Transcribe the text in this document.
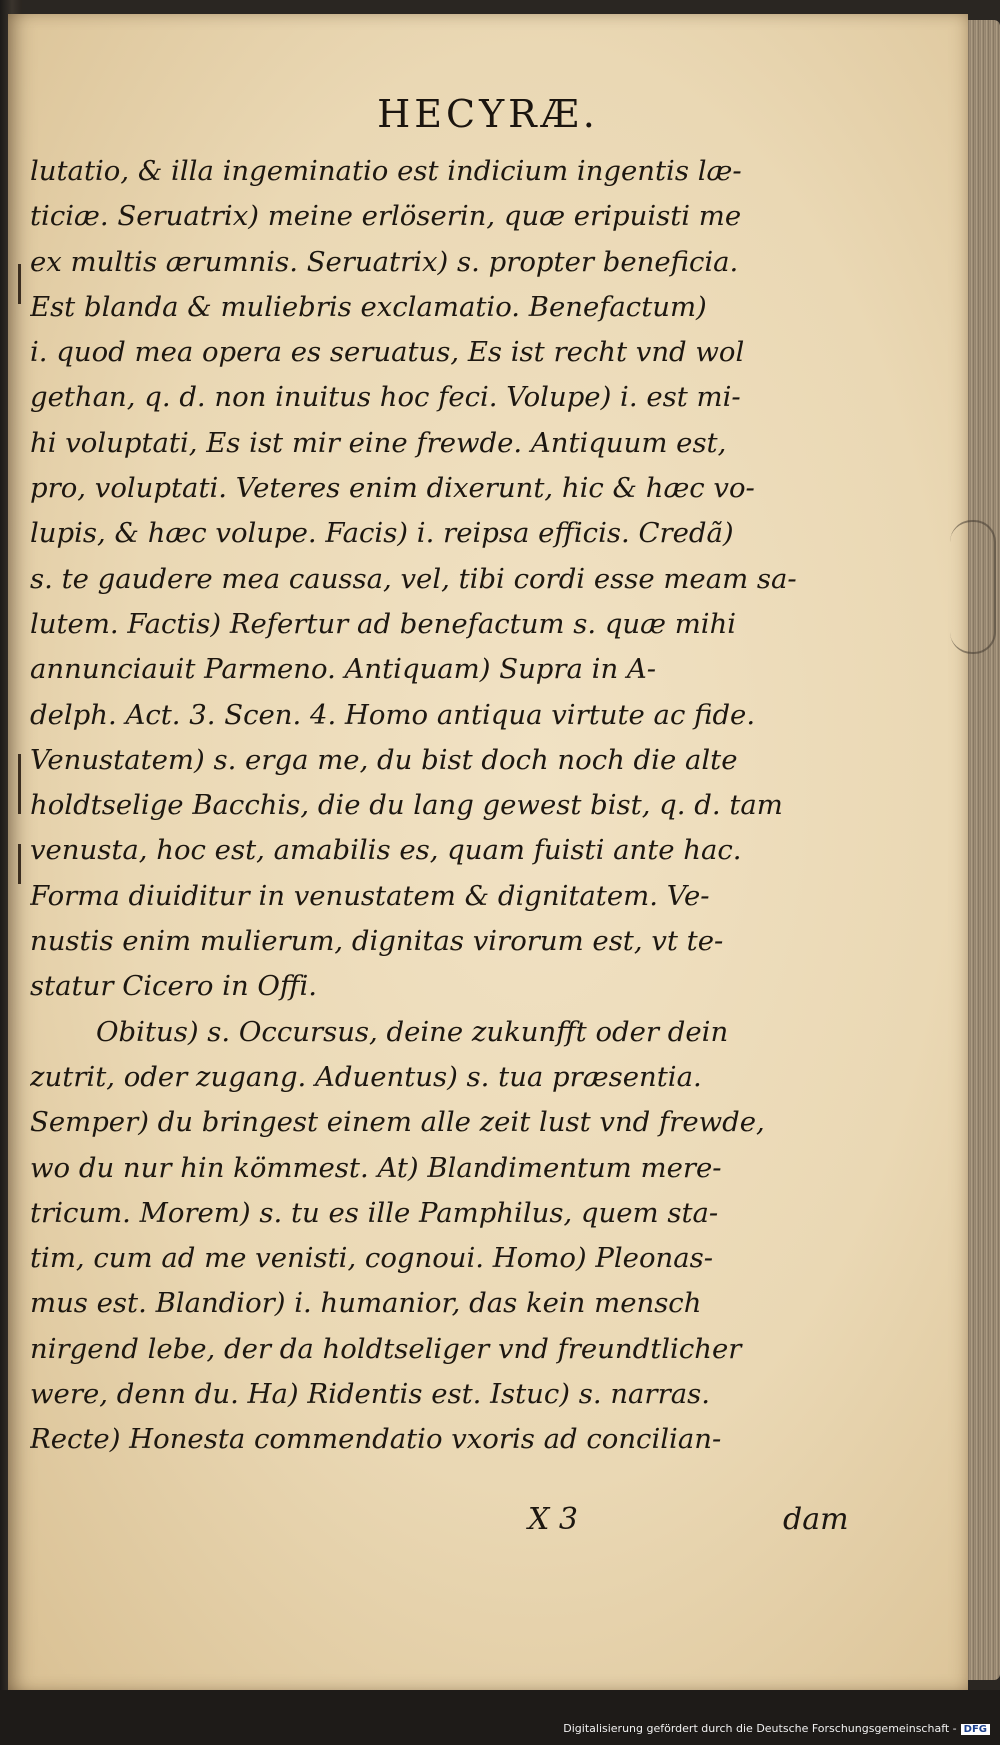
HECYRÆ.
lutatio, & illa ingeminatio est indicium ingentis læ-
ticiæ. Seruatrix) meine erlöserin, quæ eripuisti me
ex multis ærumnis. Seruatrix) s. propter beneficia.
Est blanda & muliebris exclamatio. Benefactum)
i. quod mea opera es seruatus, Es ist recht vnd wol
gethan, q. d. non inuitus hoc feci. Volupe) i. est mi-
hi voluptati, Es ist mir eine frewde. Antiquum est,
pro, voluptati. Veteres enim dixerunt, hic & hæc vo-
lupis, & hæc volupe. Facis) i. reipsa efficis. Credã)
s. te gaudere mea caussa, vel, tibi cordi esse meam sa-
lutem. Factis) Refertur ad benefactum s. quæ mihi
annunciauit Parmeno. Antiquam) Supra in A-
delph. Act. 3. Scen. 4. Homo antiqua virtute ac fide.
Venustatem) s. erga me, du bist doch noch die alte
holdtselige Bacchis, die du lang gewest bist, q. d. tam
venusta, hoc est, amabilis es, quam fuisti ante hac.
Forma diuiditur in venustatem & dignitatem. Ve-
nustis enim mulierum, dignitas virorum est, vt te-
statur Cicero in Offi.
Obitus) s. Occursus, deine zukunfft oder dein
zutrit, oder zugang. Aduentus) s. tua præsentia.
Semper) du bringest einem alle zeit lust vnd frewde,
wo du nur hin kömmest. At) Blandimentum mere-
tricum. Morem) s. tu es ille Pamphilus, quem sta-
tim, cum ad me venisti, cognoui. Homo) Pleonas-
mus est. Blandior) i. humanior, das kein mensch
nirgend lebe, der da holdtseliger vnd freundtlicher
were, denn du. Ha) Ridentis est. Istuc) s. narras.
Recte) Honesta commendatio vxoris ad concilian-
X 3	dam
Digitalisierung gefördert durch die Deutsche Forschungsgemeinschaft - DFG
